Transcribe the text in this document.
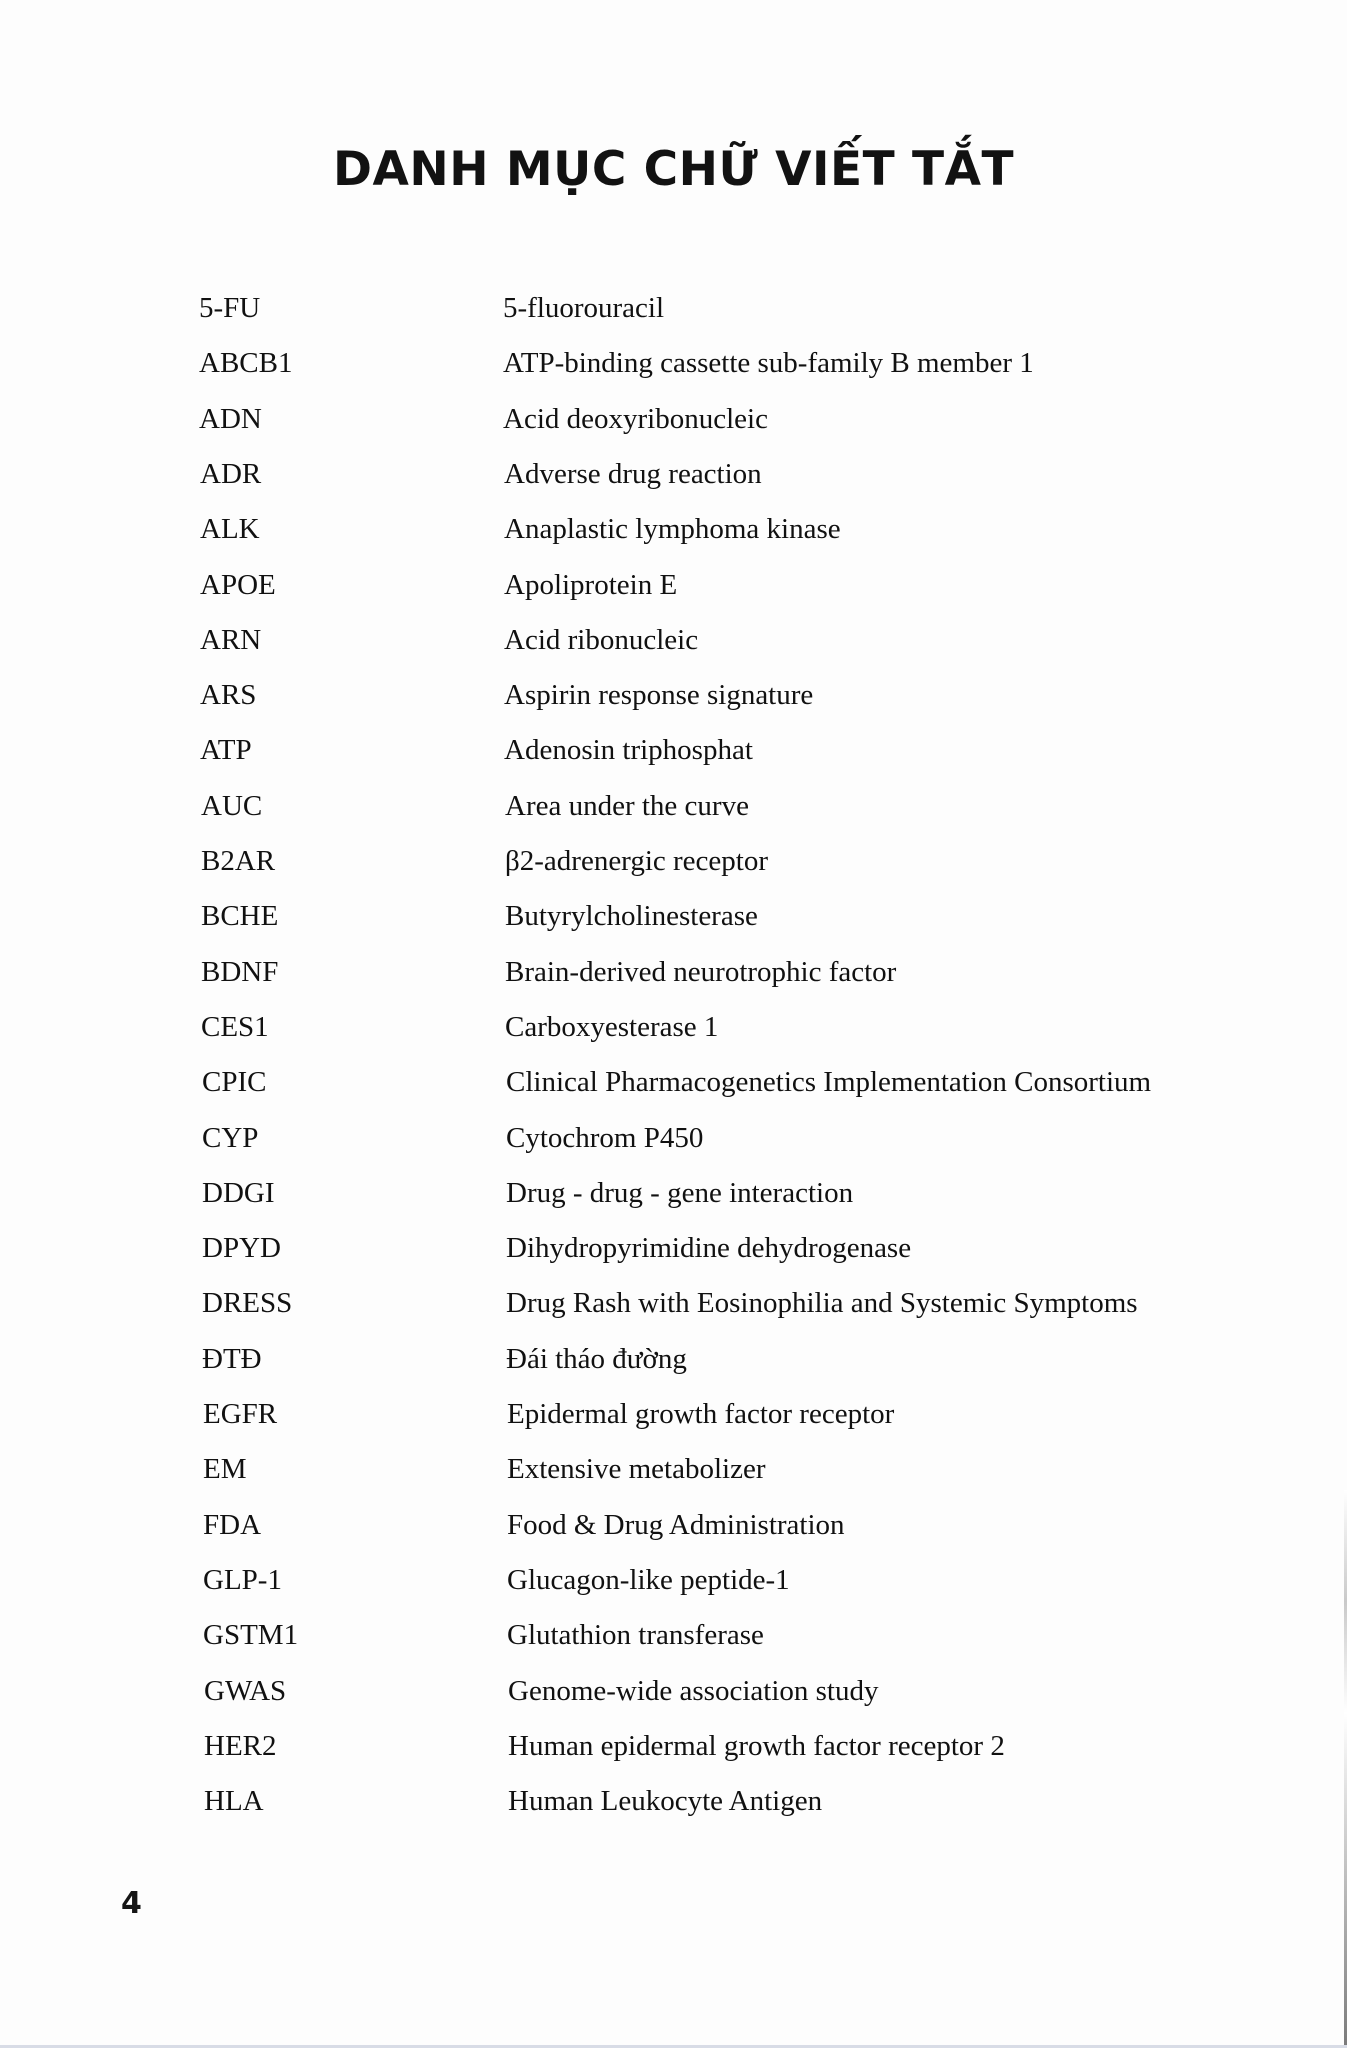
DANH MỤC CHỮ VIẾT TẮT
5-FU	5-fluorouracil
ABCB1	ATP-binding cassette sub-family B member 1
ADN	Acid deoxyribonucleic
ADR	Adverse drug reaction
ALK	Anaplastic lymphoma kinase
APOE	Apoliprotein E
ARN	Acid ribonucleic
ARS	Aspirin response signature
ATP	Adenosin triphosphat
AUC	Area under the curve
B2AR	β2-adrenergic receptor
BCHE	Butyrylcholinesterase
BDNF	Brain-derived neurotrophic factor
CES1	Carboxyesterase 1
CPIC	Clinical Pharmacogenetics Implementation Consortium
CYP	Cytochrom P450
DDGI	Drug - drug - gene interaction
DPYD	Dihydropyrimidine dehydrogenase
DRESS	Drug Rash with Eosinophilia and Systemic Symptoms
ĐTĐ	Đái tháo đường
EGFR	Epidermal growth factor receptor
EM	Extensive metabolizer
FDA	Food & Drug Administration
GLP-1	Glucagon-like peptide-1
GSTM1	Glutathion transferase
GWAS	Genome-wide association study
HER2	Human epidermal growth factor receptor 2
HLA	Human Leukocyte Antigen
4
